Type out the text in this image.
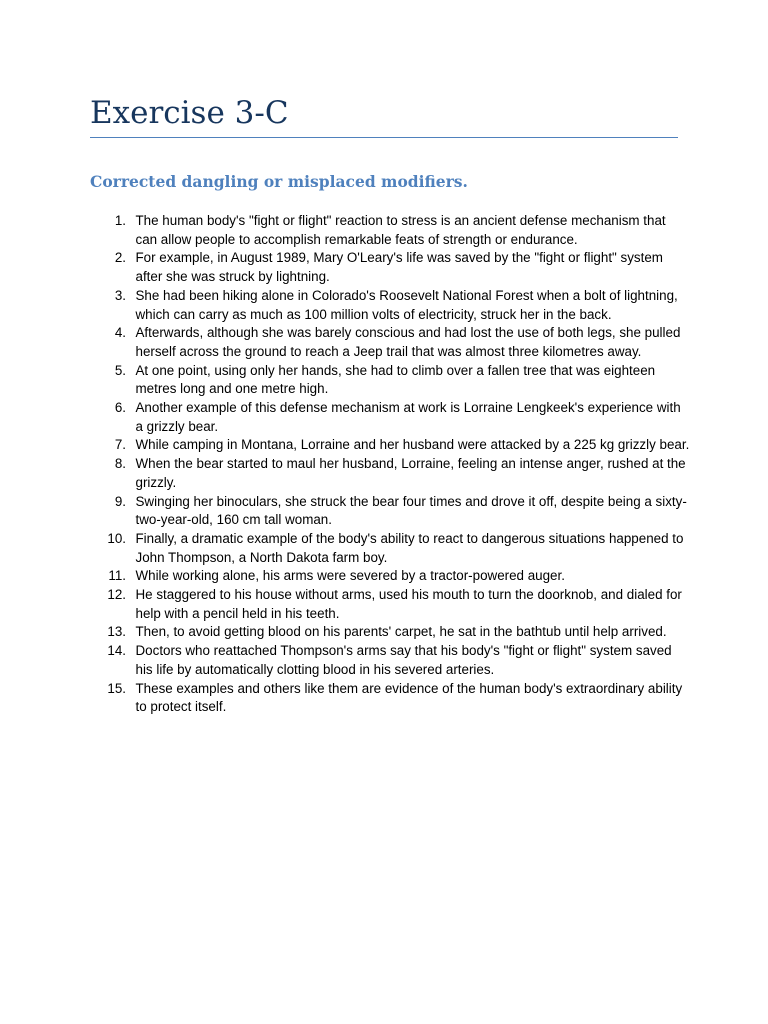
Exercise 3-C
Corrected dangling or misplaced modifiers.
1. The human body's "fight or flight" reaction to stress is an ancient defense mechanism that can allow people to accomplish remarkable feats of strength or endurance.
2. For example, in August 1989, Mary O'Leary's life was saved by the "fight or flight" system after she was struck by lightning.
3. She had been hiking alone in Colorado's Roosevelt National Forest when a bolt of lightning, which can carry as much as 100 million volts of electricity, struck her in the back.
4. Afterwards, although she was barely conscious and had lost the use of both legs, she pulled herself across the ground to reach a Jeep trail that was almost three kilometres away.
5. At one point, using only her hands, she had to climb over a fallen tree that was eighteen metres long and one metre high.
6. Another example of this defense mechanism at work is Lorraine Lengkeek's experience with a grizzly bear.
7. While camping in Montana, Lorraine and her husband were attacked by a 225 kg grizzly bear.
8. When the bear started to maul her husband, Lorraine, feeling an intense anger, rushed at the grizzly.
9. Swinging her binoculars, she struck the bear four times and drove it off, despite being a sixty-two-year-old, 160 cm tall woman.
10. Finally, a dramatic example of the body's ability to react to dangerous situations happened to John Thompson, a North Dakota farm boy.
11. While working alone, his arms were severed by a tractor-powered auger.
12. He staggered to his house without arms, used his mouth to turn the doorknob, and dialed for help with a pencil held in his teeth.
13. Then, to avoid getting blood on his parents' carpet, he sat in the bathtub until help arrived.
14. Doctors who reattached Thompson's arms say that his body's "fight or flight" system saved his life by automatically clotting blood in his severed arteries.
15. These examples and others like them are evidence of the human body's extraordinary ability to protect itself.
